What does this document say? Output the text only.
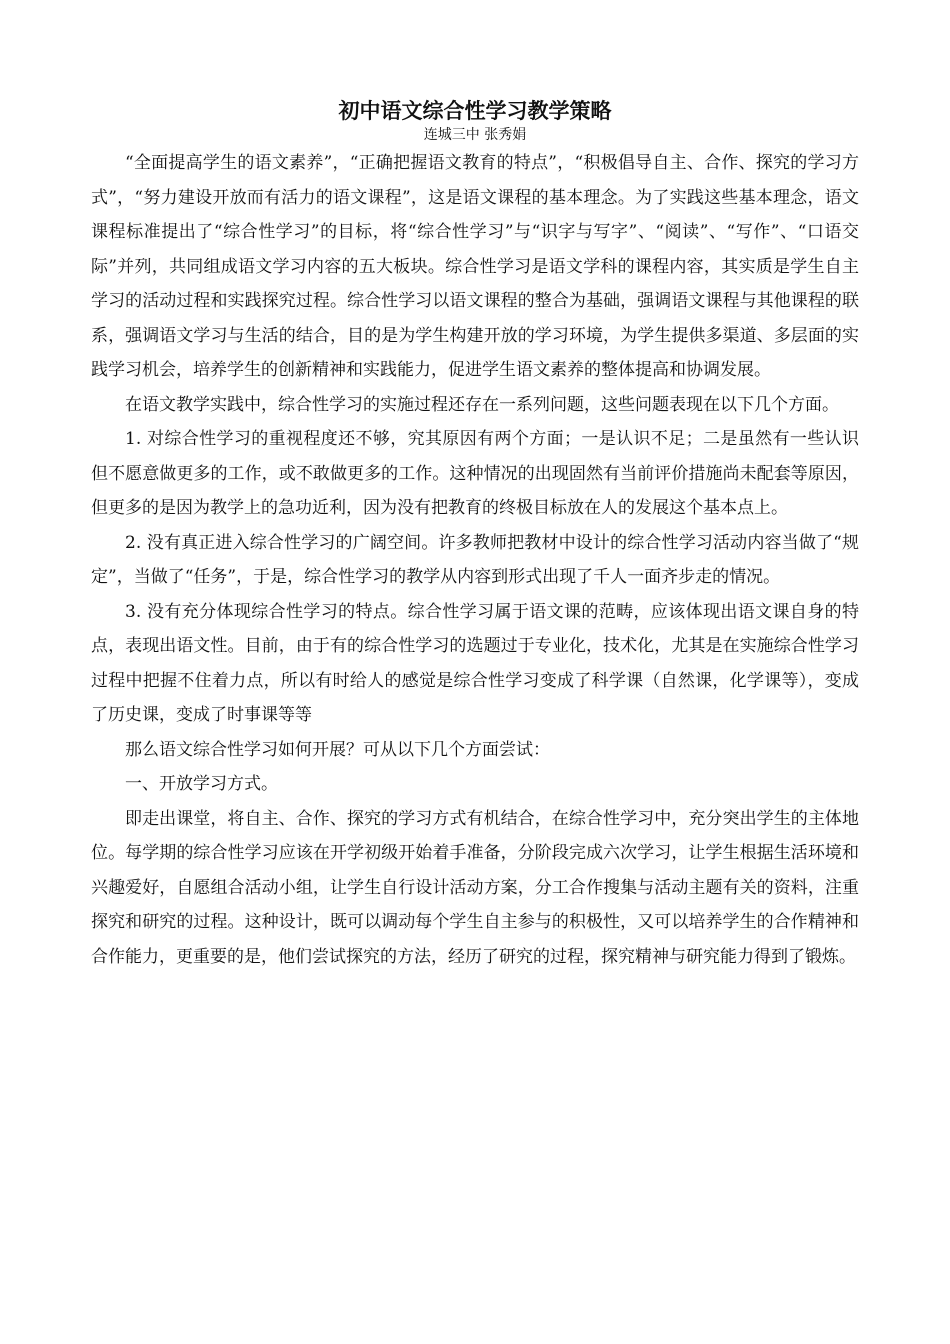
初中语文综合性学习教学策略

连城三中 张秀娟

“全面提高学生的语文素养”，“正确把握语文教育的特点”，“积极倡导自主、合作、探究的学习方式”，“努力建设开放而有活力的语文课程”，这是语文课程的基本理念。为了实践这些基本理念，语文课程标准提出了“综合性学习”的目标，将“综合性学习”与“识字与写字”、“阅读”、“写作”、“口语交际”并列，共同组成语文学习内容的五大板块。综合性学习是语文学科的课程内容，其实质是学生自主学习的活动过程和实践探究过程。综合性学习以语文课程的整合为基础，强调语文课程与其他课程的联系，强调语文学习与生活的结合，目的是为学生构建开放的学习环境，为学生提供多渠道、多层面的实践学习机会，培养学生的创新精神和实践能力，促进学生语文素养的整体提高和协调发展。

在语文教学实践中，综合性学习的实施过程还存在一系列问题，这些问题表现在以下几个方面。

1. 对综合性学习的重视程度还不够，究其原因有两个方面；一是认识不足；二是虽然有一些认识但不愿意做更多的工作，或不敢做更多的工作。这种情况的出现固然有当前评价措施尚未配套等原因，但更多的是因为教学上的急功近利，因为没有把教育的终极目标放在人的发展这个基本点上。

2. 没有真正进入综合性学习的广阔空间。许多教师把教材中设计的综合性学习活动内容当做了“规定”，当做了“任务”，于是，综合性学习的教学从内容到形式出现了千人一面齐步走的情况。

3. 没有充分体现综合性学习的特点。综合性学习属于语文课的范畴，应该体现出语文课自身的特点，表现出语文性。目前，由于有的综合性学习的选题过于专业化，技术化，尤其是在实施综合性学习过程中把握不住着力点，所以有时给人的感觉是综合性学习变成了科学课（自然课，化学课等），变成了历史课，变成了时事课等等

那么语文综合性学习如何开展？可从以下几个方面尝试：

一、开放学习方式。

即走出课堂，将自主、合作、探究的学习方式有机结合，在综合性学习中，充分突出学生的主体地位。每学期的综合性学习应该在开学初级开始着手准备，分阶段完成六次学习，让学生根据生活环境和兴趣爱好，自愿组合活动小组，让学生自行设计活动方案，分工合作搜集与活动主题有关的资料，注重探究和研究的过程。这种设计，既可以调动每个学生自主参与的积极性，又可以培养学生的合作精神和合作能力，更重要的是，他们尝试探究的方法，经历了研究的过程，探究精神与研究能力得到了锻炼。
